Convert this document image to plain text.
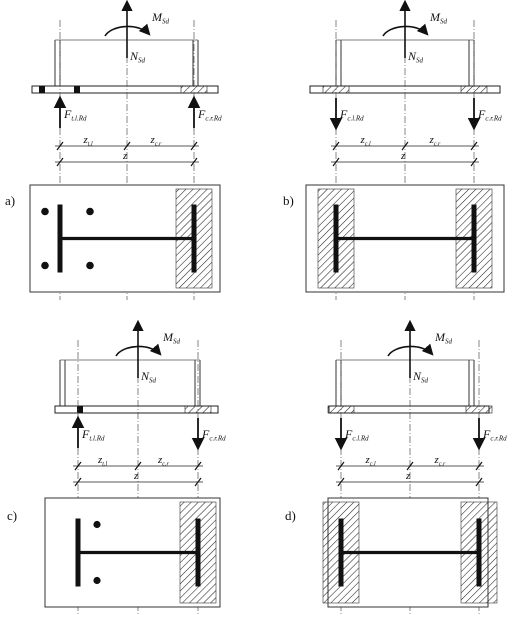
a)
NSd
MSd
Ft.l.Rd	Fc.r.Rd
zt.l	zc.r
z
b)
NSd
MSd
Fc.l.Rd	Fc.r.Rd
zc.l	zc.r
z
c)
NSd
MSd
Ft.l.Rd	Fc.r.Rd
zt.l	zc.r
z
d)
NSd
MSd
Fc.l.Rd	Fc.r.Rd
zc.l	zc.r
z
